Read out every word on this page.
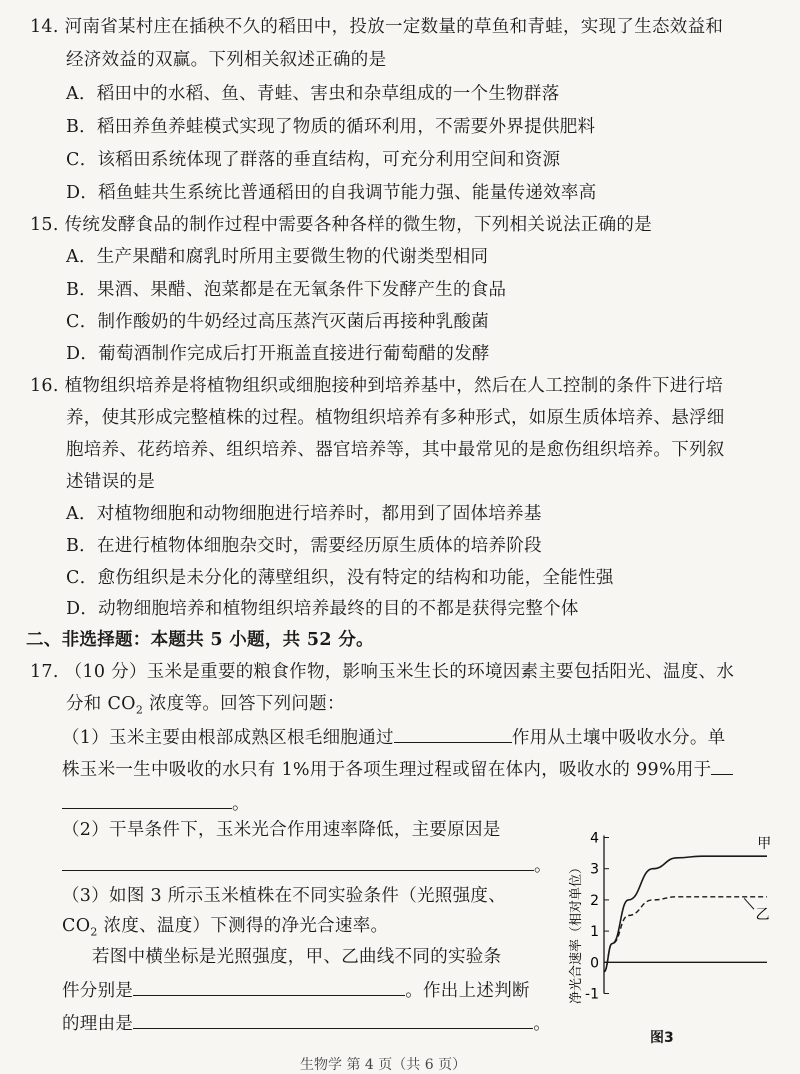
14. 河南省某村庄在插秧不久的稻田中，投放一定数量的草鱼和青蛙，实现了生态效益和
经济效益的双赢。下列相关叙述正确的是
A．稻田中的水稻、鱼、青蛙、害虫和杂草组成的一个生物群落
B．稻田养鱼养蛙模式实现了物质的循环利用，不需要外界提供肥料
C．该稻田系统体现了群落的垂直结构，可充分利用空间和资源
D．稻鱼蛙共生系统比普通稻田的自我调节能力强、能量传递效率高
15. 传统发酵食品的制作过程中需要各种各样的微生物，下列相关说法正确的是
A．生产果醋和腐乳时所用主要微生物的代谢类型相同
B．果酒、果醋、泡菜都是在无氧条件下发酵产生的食品
C．制作酸奶的牛奶经过高压蒸汽灭菌后再接种乳酸菌
D．葡萄酒制作完成后打开瓶盖直接进行葡萄醋的发酵
16. 植物组织培养是将植物组织或细胞接种到培养基中，然后在人工控制的条件下进行培
养，使其形成完整植株的过程。植物组织培养有多种形式，如原生质体培养、悬浮细
胞培养、花药培养、组织培养、器官培养等，其中最常见的是愈伤组织培养。下列叙
述错误的是
A．对植物细胞和动物细胞进行培养时，都用到了固体培养基
B．在进行植物体细胞杂交时，需要经历原生质体的培养阶段
C．愈伤组织是未分化的薄壁组织，没有特定的结构和功能，全能性强
D．动物细胞培养和植物组织培养最终的目的不都是获得完整个体
二、非选择题：本题共 5 小题，共 52 分。
17. （10 分）玉米是重要的粮食作物，影响玉米生长的环境因素主要包括阳光、温度、水
分和 $CO_2$ 浓度等。回答下列问题：
（1）玉米主要由根部成熟区根毛细胞通过	作用从土壤中吸收水分。单
株玉米一生中吸收的水只有 1%用于各项生理过程或留在体内，吸收水的 99%用于
。
（2）干旱条件下，玉米光合作用速率降低，主要原因是
。
（3）如图 3 所示玉米植株在不同实验条件（光照强度、
$CO_2$ 浓度、温度）下测得的净光合速率。
若图中横坐标是光照强度，甲、乙曲线不同的实验条
件分别是	。作出上述判断
的理由是	。
净光合速率（相对单位）
4
3
2
1
0
-1
甲
乙
图3
生物学 第 4 页（共 6 页）
